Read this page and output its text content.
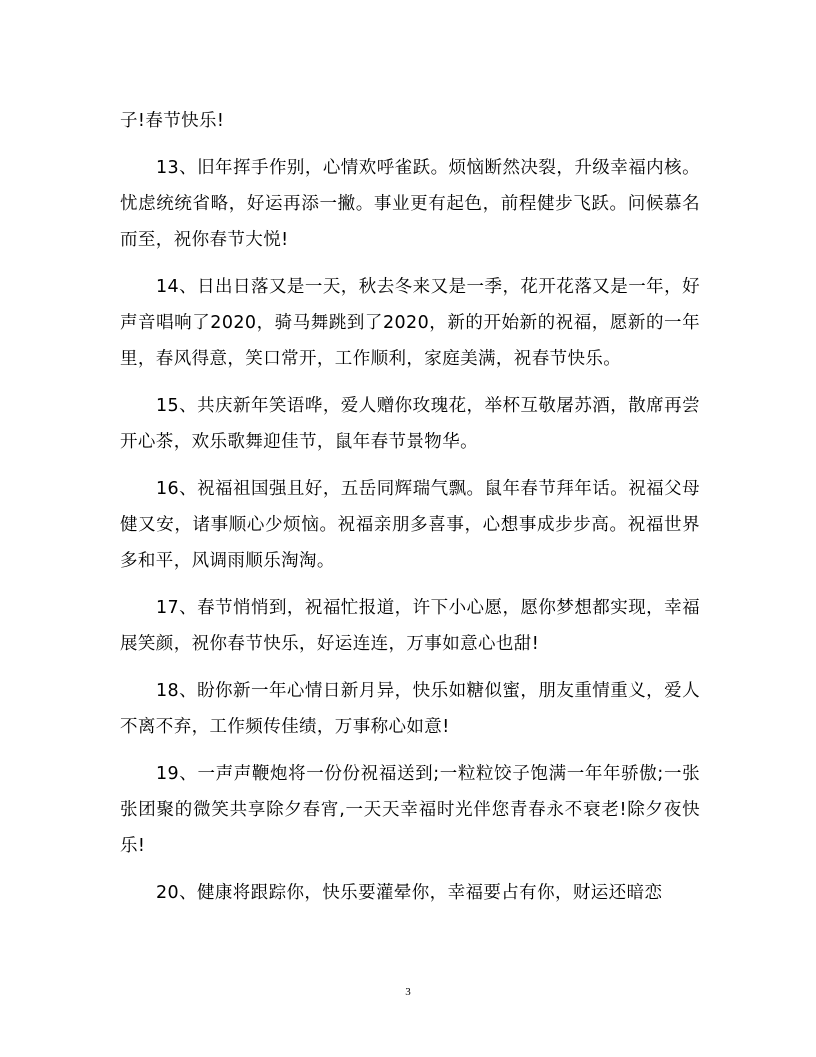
子!春节快乐!

13、旧年挥手作别，心情欢呼雀跃。烦恼断然决裂，升级幸福内核。忧虑统统省略，好运再添一撇。事业更有起色，前程健步飞跃。问候慕名而至，祝你春节大悦!

14、日出日落又是一天，秋去冬来又是一季，花开花落又是一年，好声音唱响了2020，骑马舞跳到了2020，新的开始新的祝福，愿新的一年里，春风得意，笑口常开，工作顺利，家庭美满，祝春节快乐。

15、共庆新年笑语哗，爱人赠你玫瑰花，举杯互敬屠苏酒，散席再尝开心茶，欢乐歌舞迎佳节，鼠年春节景物华。

16、祝福祖国强且好，五岳同辉瑞气飘。鼠年春节拜年话。祝福父母健又安，诸事顺心少烦恼。祝福亲朋多喜事，心想事成步步高。祝福世界多和平，风调雨顺乐淘淘。

17、春节悄悄到，祝福忙报道，许下小心愿，愿你梦想都实现，幸福展笑颜，祝你春节快乐，好运连连，万事如意心也甜!

18、盼你新一年心情日新月异，快乐如糖似蜜，朋友重情重义，爱人不离不弃，工作频传佳绩，万事称心如意!

19、一声声鞭炮将一份份祝福送到;一粒粒饺子饱满一年年骄傲;一张张团聚的微笑共享除夕春宵,一天天幸福时光伴您青春永不衰老!除夕夜快乐!

20、健康将跟踪你，快乐要灌晕你，幸福要占有你，财运还暗恋

3
